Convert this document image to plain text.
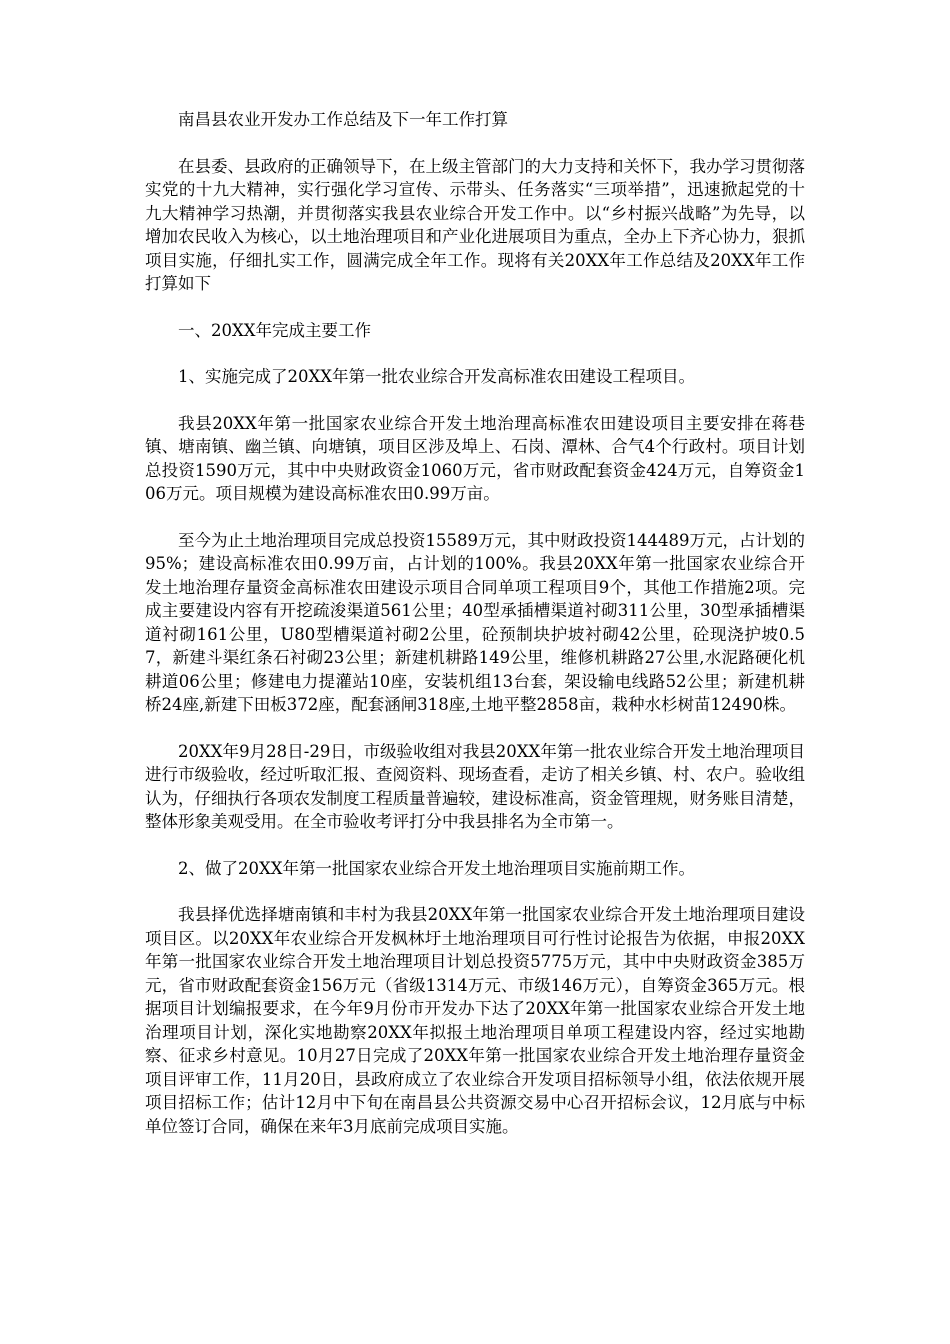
南昌县农业开发办工作总结及下一年工作打算

在县委、县政府的正确领导下，在上级主管部门的大力支持和关怀下，我办学习贯彻落实党的十九大精神，实行强化学习宣传、示带头、任务落实“三项举措”，迅速掀起党的十九大精神学习热潮，并贯彻落实我县农业综合开发工作中。以“乡村振兴战略”为先导，以增加农民收入为核心，以土地治理项目和产业化进展项目为重点，全办上下齐心协力，狠抓项目实施，仔细扎实工作，圆满完成全年工作。现将有关20XX年工作总结及20XX年工作打算如下

一、20XX年完成主要工作

1、实施完成了20XX年第一批农业综合开发高标准农田建设工程项目。

我县20XX年第一批国家农业综合开发土地治理高标准农田建设项目主要安排在蒋巷镇、塘南镇、幽兰镇、向塘镇，项目区涉及埠上、石岗、潭林、合气4个行政村。项目计划总投资1590万元，其中中央财政资金1060万元，省市财政配套资金424万元，自筹资金106万元。项目规模为建设高标准农田0.99万亩。

至今为止土地治理项目完成总投资15589万元，其中财政投资144489万元，占计划的95%；建设高标准农田0.99万亩，占计划的100%。我县20XX年第一批国家农业综合开发土地治理存量资金高标准农田建设示项目合同单项工程项目9个，其他工作措施2项。完成主要建设内容有开挖疏浚渠道561公里；40型承插槽渠道衬砌311公里，30型承插槽渠道衬砌161公里，U80型槽渠道衬砌2公里，砼预制块护坡衬砌42公里，砼现浇护坡0.57，新建斗渠红条石衬砌23公里；新建机耕路149公里，维修机耕路27公里,水泥路硬化机耕道06公里；修建电力提灌站10座，安装机组13台套，架设输电线路52公里；新建机耕桥24座,新建下田板372座，配套涵闸318座,土地平整2858亩，栽种水杉树苗12490株。

20XX年9月28日-29日，市级验收组对我县20XX年第一批农业综合开发土地治理项目进行市级验收，经过听取汇报、查阅资料、现场查看，走访了相关乡镇、村、农户。验收组认为，仔细执行各项农发制度工程质量普遍较，建设标准高，资金管理规，财务账目清楚，整体形象美观受用。在全市验收考评打分中我县排名为全市第一。

2、做了20XX年第一批国家农业综合开发土地治理项目实施前期工作。

我县择优选择塘南镇和丰村为我县20XX年第一批国家农业综合开发土地治理项目建设项目区。以20XX年农业综合开发枫林圩土地治理项目可行性讨论报告为依据，申报20XX年第一批国家农业综合开发土地治理项目计划总投资5775万元，其中中央财政资金385万元，省市财政配套资金156万元（省级1314万元、市级146万元），自筹资金365万元。根据项目计划编报要求，在今年9月份市开发办下达了20XX年第一批国家农业综合开发土地治理项目计划，深化实地勘察20XX年拟报土地治理项目单项工程建设内容，经过实地勘察、征求乡村意见。10月27日完成了20XX年第一批国家农业综合开发土地治理存量资金项目评审工作，11月20日，县政府成立了农业综合开发项目招标领导小组，依法依规开展项目招标工作；估计12月中下旬在南昌县公共资源交易中心召开招标会议，12月底与中标单位签订合同，确保在来年3月底前完成项目实施。
